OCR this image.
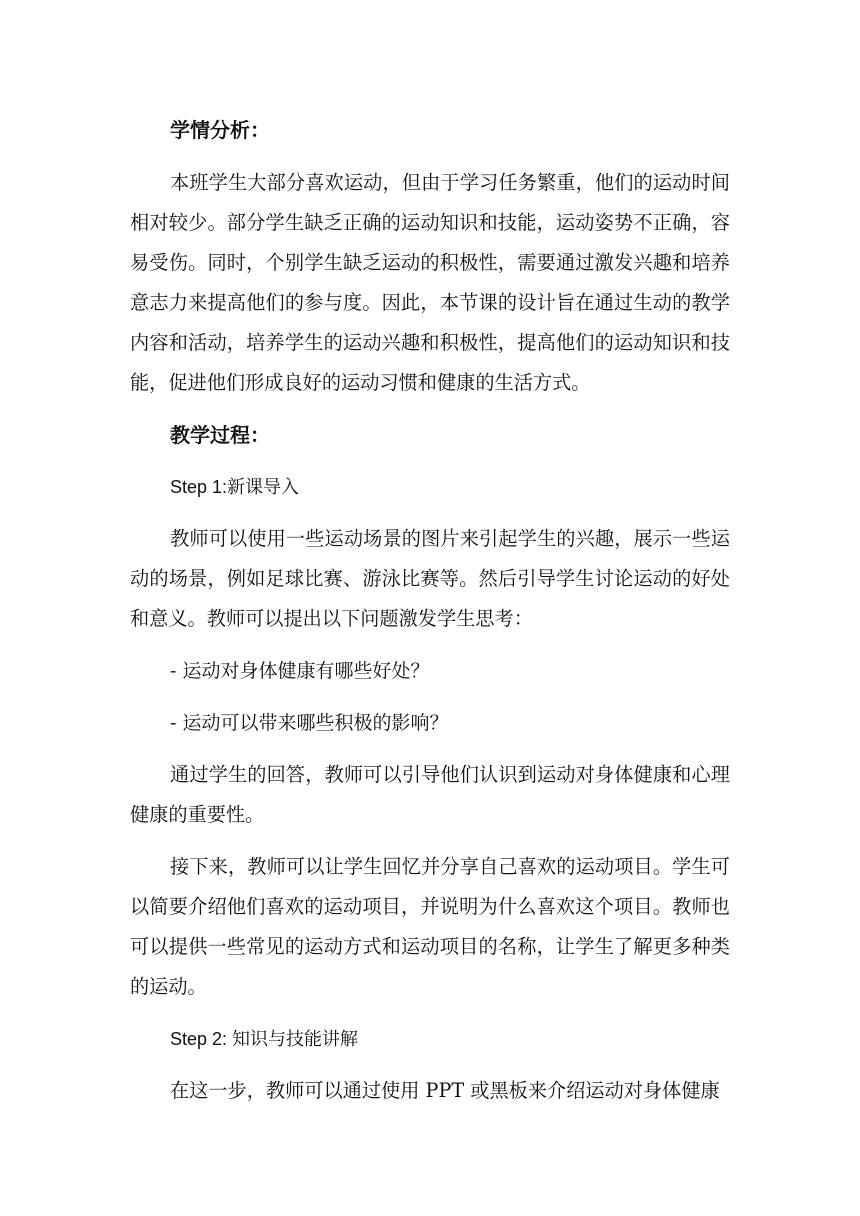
学情分析：

本班学生大部分喜欢运动，但由于学习任务繁重，他们的运动时间相对较少。部分学生缺乏正确的运动知识和技能，运动姿势不正确，容易受伤。同时，个别学生缺乏运动的积极性，需要通过激发兴趣和培养意志力来提高他们的参与度。因此，本节课的设计旨在通过生动的教学内容和活动，培养学生的运动兴趣和积极性，提高他们的运动知识和技能，促进他们形成良好的运动习惯和健康的生活方式。

教学过程：

Step 1:新课导入

教师可以使用一些运动场景的图片来引起学生的兴趣，展示一些运动的场景，例如足球比赛、游泳比赛等。然后引导学生讨论运动的好处和意义。教师可以提出以下问题激发学生思考：

- 运动对身体健康有哪些好处？

- 运动可以带来哪些积极的影响？

通过学生的回答，教师可以引导他们认识到运动对身体健康和心理健康的重要性。

接下来，教师可以让学生回忆并分享自己喜欢的运动项目。学生可以简要介绍他们喜欢的运动项目，并说明为什么喜欢这个项目。教师也可以提供一些常见的运动方式和运动项目的名称，让学生了解更多种类的运动。

Step 2: 知识与技能讲解

在这一步，教师可以通过使用 PPT 或黑板来介绍运动对身体健康
